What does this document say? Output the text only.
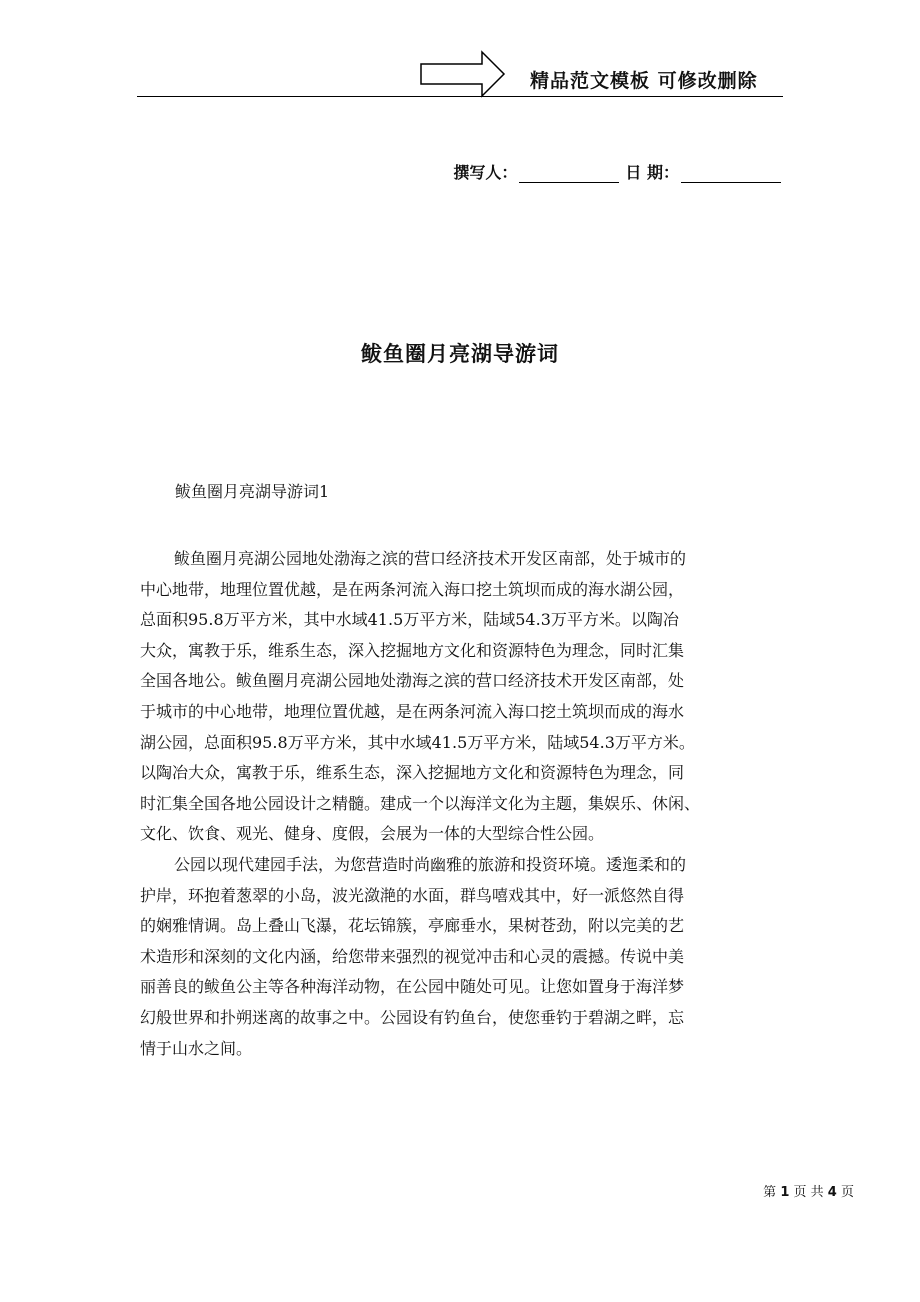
精品范文模板 可修改删除
撰写人：	日 期：
鲅鱼圈月亮湖导游词
鲅鱼圈月亮湖导游词1
鲅鱼圈月亮湖公园地处渤海之滨的营口经济技术开发区南部，处于城市的
中心地带，地理位置优越，是在两条河流入海口挖土筑坝而成的海水湖公园，
总面积95.8万平方米，其中水域41.5万平方米，陆域54.3万平方米。以陶冶
大众，寓教于乐，维系生态，深入挖掘地方文化和资源特色为理念，同时汇集
全国各地公。鲅鱼圈月亮湖公园地处渤海之滨的营口经济技术开发区南部，处
于城市的中心地带，地理位置优越，是在两条河流入海口挖土筑坝而成的海水
湖公园，总面积95.8万平方米，其中水域41.5万平方米，陆域54.3万平方米。
以陶冶大众，寓教于乐，维系生态，深入挖掘地方文化和资源特色为理念，同
时汇集全国各地公园设计之精髓。建成一个以海洋文化为主题，集娱乐、休闲、
文化、饮食、观光、健身、度假，会展为一体的大型综合性公园。
公园以现代建园手法，为您营造时尚幽雅的旅游和投资环境。逶迤柔和的
护岸，环抱着葱翠的小岛，波光潋滟的水面，群鸟嘻戏其中，好一派悠然自得
的娴雅情调。岛上叠山飞瀑，花坛锦簇，亭廊垂水，果树苍劲，附以完美的艺
术造形和深刻的文化内涵，给您带来强烈的视觉冲击和心灵的震撼。传说中美
丽善良的鲅鱼公主等各种海洋动物，在公园中随处可见。让您如置身于海洋梦
幻般世界和扑朔迷离的故事之中。公园设有钓鱼台，使您垂钓于碧湖之畔，忘
情于山水之间。
第 1 页 共 4 页
